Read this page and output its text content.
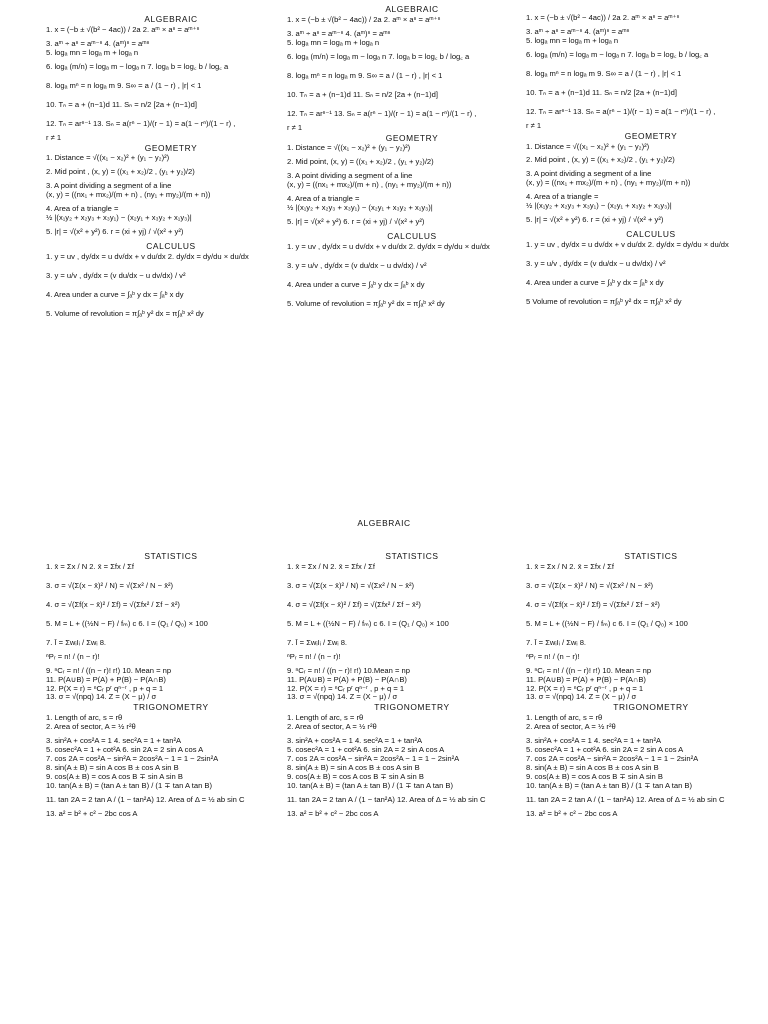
ALGEBRAIC
1. x = (−b ± √(b² − 4ac)) / 2a 2. aᵐ × aⁿ = aᵐ⁺ⁿ
3. aᵐ ÷ aⁿ = aᵐ⁻ⁿ 4. (aᵐ)ⁿ = aᵐⁿ
5. logₐ mn = logₐ m + logₐ n
6. logₐ (m/n) = logₐ m − logₐ n 7. logₐ b = log꜀ b / log꜀ a
8. logₐ mⁿ = n logₐ m 9. S∞ = a / (1 − r) , |r| < 1
10. Tₙ = a + (n−1)d 11. Sₙ = n/2 [2a + (n−1)d]
12. Tₙ = arⁿ⁻¹ 13. Sₙ = a(rⁿ − 1)/(r − 1) = a(1 − rⁿ)/(1 − r) ,
r ≠ 1
GEOMETRY
1. Distance = √((x₁ − x₂)² + (y₁ − y₂)²)
2. Mid point , (x, y) = ((x₁ + x₂)/2 , (y₁ + y₂)/2)
3. A point dividing a segment of a line
(x, y) = ((nx₁ + mx₂)/(m + n) , (ny₁ + my₂)/(m + n))
4. Area of a triangle =
½ |(x₁y₂ + x₂y₃ + x₃y₁) − (x₂y₁ + x₃y₂ + x₁y₃)|
5. |r| = √(x² + y²) 6. r̂ = (xi + yj) / √(x² + y²)
CALCULUS
1. y = uv , dy/dx = u dv/dx + v du/dx 2. dy/dx = dy/du × du/dx
3. y = u/v , dy/dx = (v du/dx − u dv/dx) / v²
4. Area under a curve = ∫ₐᵇ y dx = ∫ₐᵇ x dy
5. Volume of revolution = π∫ₐᵇ y² dx = π∫ₐᵇ x² dy
ALGEBRAIC
1. x = (−b ± √(b² − 4ac)) / 2a 2. aᵐ × aⁿ = aᵐ⁺ⁿ
3. aᵐ ÷ aⁿ = aᵐ⁻ⁿ 4. (aᵐ)ⁿ = aᵐⁿ
5. logₐ mn = logₐ m + logₐ n
6. logₐ (m/n) = logₐ m − logₐ n 7. logₐ b = log꜀ b / log꜀ a
8. logₐ mⁿ = n logₐ m 9. S∞ = a / (1 − r) , |r| < 1
10. Tₙ = a + (n−1)d 11. Sₙ = n/2 [2a + (n−1)d]
12. Tₙ = arⁿ⁻¹ 13. Sₙ = a(rⁿ − 1)/(r − 1) = a(1 − rⁿ)/(1 − r) ,
r ≠ 1
GEOMETRY
1. Distance = √((x₁ − x₂)² + (y₁ − y₂)²)
2. Mid point, (x, y) = ((x₁ + x₂)/2 , (y₁ + y₂)/2)
3. A point dividing a segment of a line
(x, y) = ((nx₁ + mx₂)/(m + n) , (ny₁ + my₂)/(m + n))
4. Area of a triangle =
½ |(x₁y₂ + x₂y₃ + x₃y₁) − (x₂y₁ + x₃y₂ + x₁y₃)|
5. |r| = √(x² + y²) 6. r̂ = (xi + yj) / √(x² + y²)
CALCULUS
1. y = uv , dy/dx = u dv/dx + v du/dx 2. dy/dx = dy/du × du/dx
3. y = u/v , dy/dx = (v du/dx − u dv/dx) / v²
4. Area under a curve = ∫ₐᵇ y dx = ∫ₐᵇ x dy
5. Volume of revolution = π∫ₐᵇ y² dx = π∫ₐᵇ x² dy
1. x = (−b ± √(b² − 4ac)) / 2a 2. aᵐ × aⁿ = aᵐ⁺ⁿ
3. aᵐ ÷ aⁿ = aᵐ⁻ⁿ 4. (aᵐ)ⁿ = aᵐⁿ
5. logₐ mn = logₐ m + logₐ n
6. logₐ (m/n) = logₐ m − logₐ n 7. logₐ b = log꜀ b / log꜀ a
8. logₐ mⁿ = n logₐ m 9. S∞ = a / (1 − r) , |r| < 1
10. Tₙ = a + (n−1)d 11. Sₙ = n/2 [2a + (n−1)d]
12. Tₙ = arⁿ⁻¹ 13. Sₙ = a(rⁿ − 1)/(r − 1) = a(1 − rⁿ)/(1 − r) ,
r ≠ 1
GEOMETRY
1. Distance = √((x₁ − x₂)² + (y₁ − y₂)²)
2. Mid point , (x, y) = ((x₁ + x₂)/2 , (y₁ + y₂)/2)
3. A point dividing a segment of a line
(x, y) = ((nx₁ + mx₂)/(m + n) , (ny₁ + my₂)/(m + n))
4. Area of a triangle =
½ |(x₁y₂ + x₂y₃ + x₃y₁) − (x₂y₁ + x₃y₂ + x₁y₃)|
5. |r| = √(x² + y²) 6. r̂ = (xi + yj) / √(x² + y²)
CALCULUS
1. y = uv , dy/dx = u dv/dx + v du/dx 2. dy/dx = dy/du × du/dx
3. y = u/v , dy/dx = (v du/dx − u dv/dx) / v²
4. Area under a curve = ∫ₐᵇ y dx = ∫ₐᵇ x dy
5 Volume of revolution = π∫ₐᵇ y² dx = π∫ₐᵇ x² dy
ALGEBRAIC
STATISTICS
1. x̄ = Σx / N 2. x̄ = Σfx / Σf
3. σ = √(Σ(x − x̄)² / N) = √(Σx² / N − x̄²)
4. σ = √(Σf(x − x̄)² / Σf) = √(Σfx² / Σf − x̄²)
5. M = L + ((½N − F) / fₘ) c 6. I = (Q₁ / Q₀) × 100
7. Ī = ΣwᵢIᵢ / Σwᵢ 8.
ⁿPᵣ = n! / (n − r)!
9. ⁿCᵣ = n! / ((n − r)! r!) 10. Mean = np
11. P(A∪B) = P(A) + P(B) − P(A∩B)
12. P(X = r) = ⁿCᵣ pʳ qⁿ⁻ʳ , p + q = 1
13. σ = √(npq) 14. Z = (X − μ) / σ
TRIGONOMETRY
1. Length of arc, s = rθ
2. Area of sector, A = ½ r²θ
3. sin²A + cos²A = 1 4. sec²A = 1 + tan²A
5. cosec²A = 1 + cot²A 6. sin 2A = 2 sin A cos A
7. cos 2A = cos²A − sin²A = 2cos²A − 1 = 1 − 2sin²A
8. sin(A ± B) = sin A cos B ± cos A sin B
9. cos(A ± B) = cos A cos B ∓ sin A sin B
10. tan(A ± B) = (tan A ± tan B) / (1 ∓ tan A tan B)
11. tan 2A = 2 tan A / (1 − tan²A) 12. Area of Δ = ½ ab sin C
13. a² = b² + c² − 2bc cos A
STATISTICS
1. x̄ = Σx / N 2. x̄ = Σfx / Σf
3. σ = √(Σ(x − x̄)² / N) = √(Σx² / N − x̄²)
4. σ = √(Σf(x − x̄)² / Σf) = √(Σfx² / Σf − x̄²)
5. M = L + ((½N − F) / fₘ) c 6. I = (Q₁ / Q₀) × 100
7. Ī = ΣwᵢIᵢ / Σwᵢ 8.
ⁿPᵣ = n! / (n − r)!
9. ⁿCᵣ = n! / ((n − r)! r!) 10.Mean = np
11. P(A∪B) = P(A) + P(B) − P(A∩B)
12. P(X = r) = ⁿCᵣ pʳ qⁿ⁻ʳ , p + q = 1
13. σ = √(npq) 14. Z = (X − μ) / σ
TRIGONOMETRY
1. Length of arc, s = rθ
2. Area of sector, A = ½ r²θ
3. sin²A + cos²A = 1 4. sec²A = 1 + tan²A
5. cosec²A = 1 + cot²A 6. sin 2A = 2 sin A cos A
7. cos 2A = cos²A − sin²A = 2cos²A − 1 = 1 − 2sin²A
8. sin(A ± B) = sin A cos B ± cos A sin B
9. cos(A ± B) = cos A cos B ∓ sin A sin B
10. tan(A ± B) = (tan A ± tan B) / (1 ∓ tan A tan B)
11. tan 2A = 2 tan A / (1 − tan²A) 12. Area of Δ = ½ ab sin C
13. a² = b² + c² − 2bc cos A
STATISTICS
1. x̄ = Σx / N 2. x̄ = Σfx / Σf
3. σ = √(Σ(x − x̄)² / N) = √(Σx² / N − x̄²)
4. σ = √(Σf(x − x̄)² / Σf) = √(Σfx² / Σf − x̄²)
5. M = L + ((½N − F) / fₘ) c 6. I = (Q₁ / Q₀) × 100
7. Ī = ΣwᵢIᵢ / Σwᵢ 8.
ⁿPᵣ = n! / (n − r)!
9. ⁿCᵣ = n! / ((n − r)! r!) 10. Mean = np
11. P(A∪B) = P(A) + P(B) − P(A∩B)
12. P(X = r) = ⁿCᵣ pʳ qⁿ⁻ʳ , p + q = 1
13. σ = √(npq) 14. Z = (X − μ) / σ
TRIGONOMETRY
1. Length of arc, s = rθ
2. Area of sector, A = ½ r²θ
3. sin²A + cos²A = 1 4. sec²A = 1 + tan²A
5. cosec²A = 1 + cot²A 6. sin 2A = 2 sin A cos A
7. cos 2A = cos²A − sin²A = 2cos²A − 1 = 1 − 2sin²A
8. sin(A ± B) = sin A cos B ± cos A sin B
9. cos(A ± B) = cos A cos B ∓ sin A sin B
10. tan(A ± B) = (tan A ± tan B) / (1 ∓ tan A tan B)
11. tan 2A = 2 tan A / (1 − tan²A) 12. Area of Δ = ½ ab sin C
13. a² = b² + c² − 2bc cos A
